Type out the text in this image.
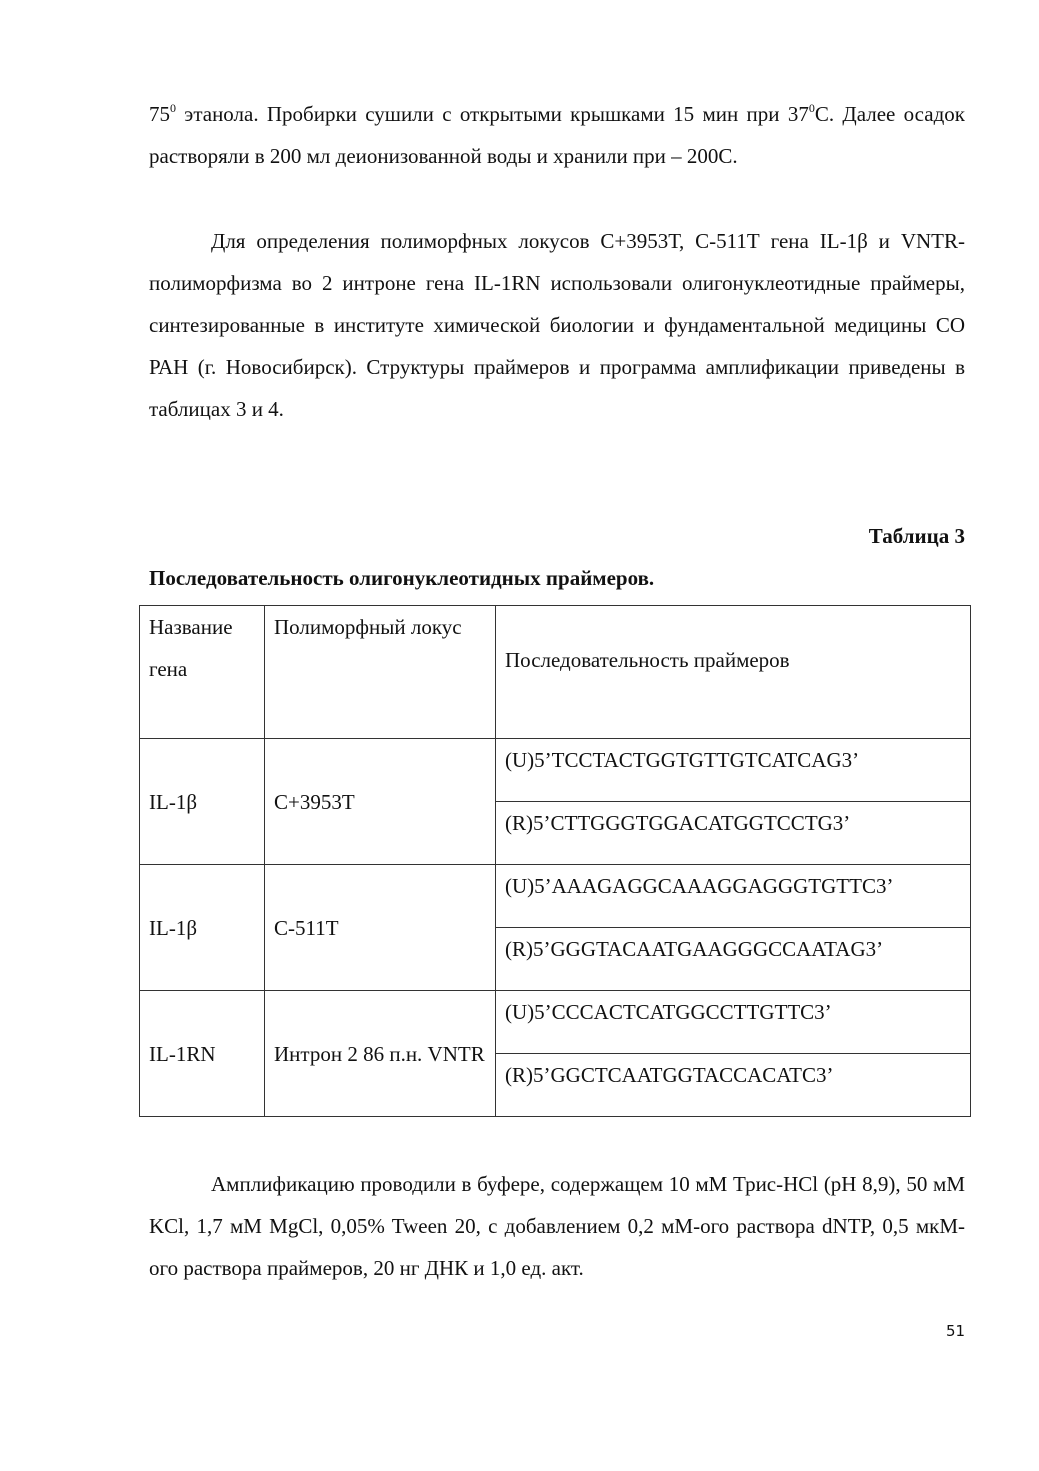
$75^0$ этанола. Пробирки сушили с открытыми крышками 15 мин при $37^0С$. Далее осадок растворяли в 200 мл деионизованной воды и хранили при – 200С.

Для определения полиморфных локусов С+3953Т, С-511Т гена IL-1β и VNTR-полиморфизма во 2 интроне гена IL-1RN использовали олигонуклеотидные праймеры, синтезированные в институте химической биологии и фундаментальной медицины СО РАН (г. Новосибирск). Структуры праймеров и программа амплификации приведены в таблицах 3 и 4.

Таблица 3
Последовательность олигонуклеотидных праймеров.
Название гена	Полиморфный локус	Последовательность праймеров
IL-1β	С+3953Т	(U)5’TCCTACTGGTGTTGTCATCAG3’
		(R)5’CTTGGGTGGACATGGTCCTG3’
IL-1β	С-511Т	(U)5’AAAGAGGCAAAGGAGGGTGTTC3’
		(R)5’GGGTACAATGAAGGGCCAATAG3’
IL-1RN	Интрон 2 86 п.н. VNTR	(U)5’CCCACTCATGGCCTTGTTC3’
		(R)5’GGCTCAATGGTACCACATC3’

Амплификацию проводили в буфере, содержащем 10 мМ Трис-HCl (pH 8,9), 50 мМ KCl, 1,7 мМ MgCl, 0,05% Tween 20, с добавлением 0,2 мМ-ого раствора dNTP, 0,5 мкМ-ого раствора праймеров, 20 нг ДНК и 1,0 ед. акт.

51
